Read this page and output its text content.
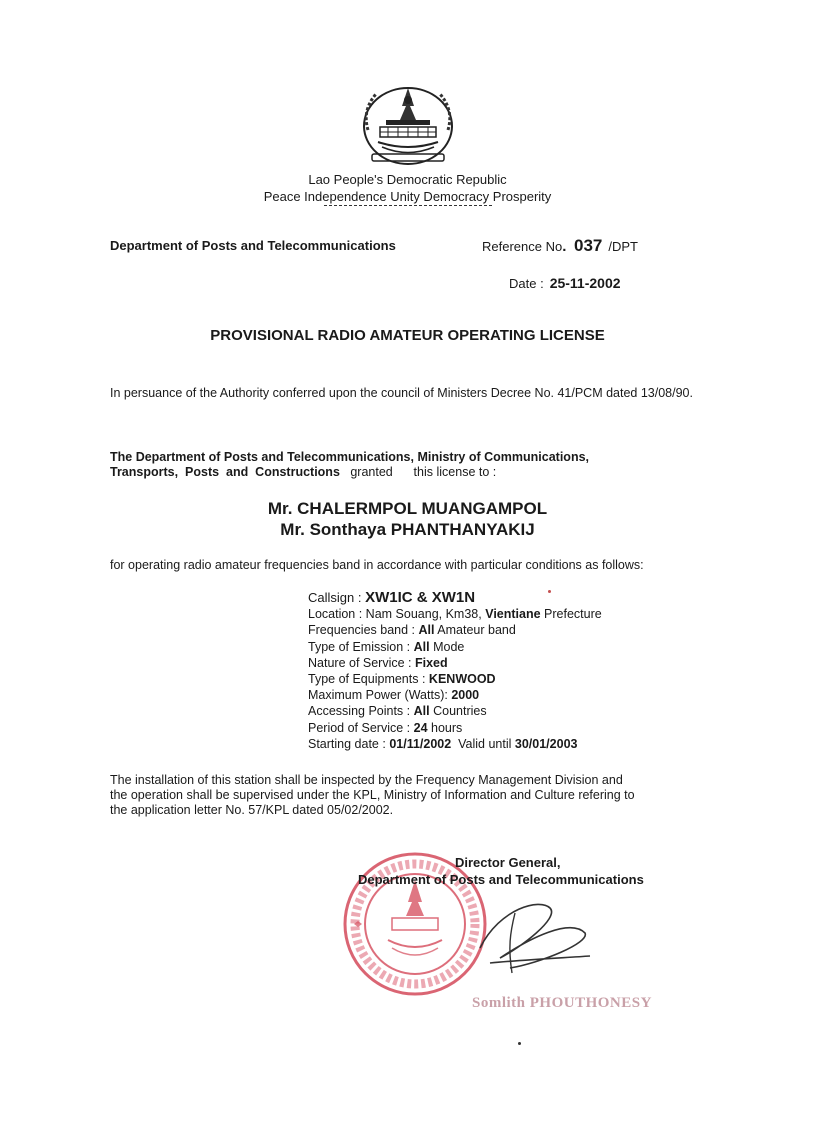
Lao People's Democratic Republic
Peace Independence Unity Democracy Prosperity
Department of Posts and Telecommunications	Reference No. 037 /DPT
Date : 25-11-2002
PROVISIONAL RADIO AMATEUR OPERATING LICENSE
In persuance of the Authority conferred upon the council of Ministers Decree No. 41/PCM dated 13/08/90.
The Department of Posts and Telecommunications, Ministry of Communications,
Transports,  Posts  and  Constructions granted      this license to :
Mr. CHALERMPOL MUANGAMPOL
Mr. Sonthaya PHANTHANYAKIJ
for operating radio amateur frequencies band in accordance with particular conditions as follows:
Callsign : XW1IC & XW1N
Location : Nam Souang, Km38, Vientiane Prefecture
Frequencies band : All Amateur band
Type of Emission : All Mode
Nature of Service : Fixed
Type of Equipments : KENWOOD
Maximum Power (Watts): 2000
Accessing Points : All Countries
Period of Service : 24 hours
Starting date : 01/11/2002 Valid until 30/01/2003
The installation of this station shall be inspected by the Frequency Management Division and
the operation shall be supervised under the KPL, Ministry of Information and Culture refering to
the application letter No. 57/KPL dated 05/02/2002.
Director General,
Department of Posts and Telecommunications
Somlith PHOUTHONESY
